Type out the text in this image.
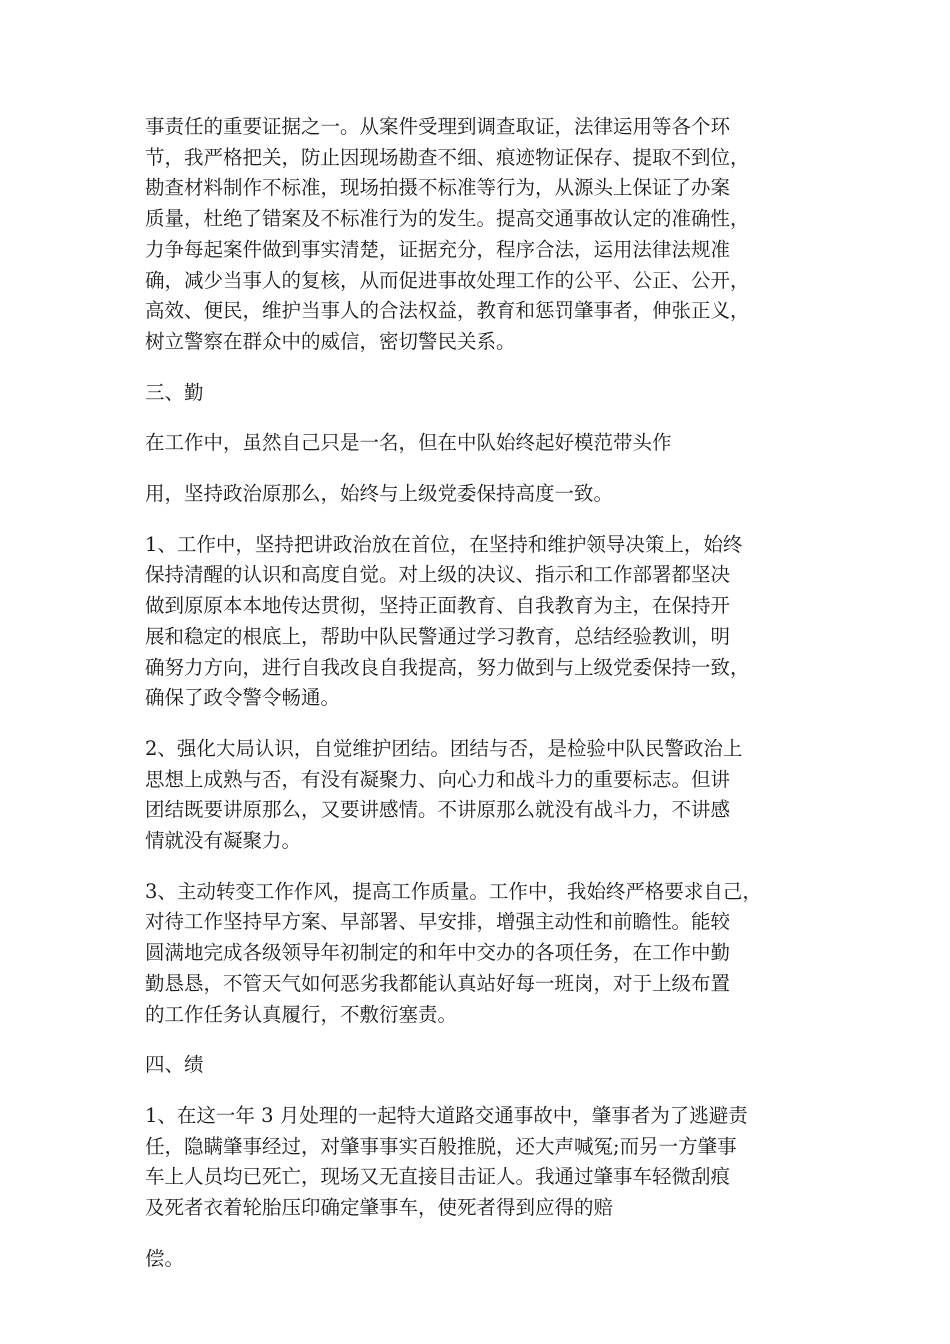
事责任的重要证据之一。从案件受理到调查取证，法律运用等各个环
节，我严格把关，防止因现场勘查不细、痕迹物证保存、提取不到位，
勘查材料制作不标准，现场拍摄不标准等行为，从源头上保证了办案
质量，杜绝了错案及不标准行为的发生。提高交通事故认定的准确性，
力争每起案件做到事实清楚，证据充分，程序合法，运用法律法规准
确，减少当事人的复核，从而促进事故处理工作的公平、公正、公开，
高效、便民，维护当事人的合法权益，教育和惩罚肇事者，伸张正义，
树立警察在群众中的威信，密切警民关系。

三、勤

在工作中，虽然自己只是一名，但在中队始终起好模范带头作

用，坚持政治原那么，始终与上级党委保持高度一致。

1、工作中，坚持把讲政治放在首位，在坚持和维护领导决策上，始终
保持清醒的认识和高度自觉。对上级的决议、指示和工作部署都坚决
做到原原本本地传达贯彻，坚持正面教育、自我教育为主，在保持开
展和稳定的根底上，帮助中队民警通过学习教育，总结经验教训，明
确努力方向，进行自我改良自我提高，努力做到与上级党委保持一致，
确保了政令警令畅通。

2、强化大局认识，自觉维护团结。团结与否，是检验中队民警政治上
思想上成熟与否，有没有凝聚力、向心力和战斗力的重要标志。但讲
团结既要讲原那么，又要讲感情。不讲原那么就没有战斗力，不讲感
情就没有凝聚力。

3、主动转变工作作风，提高工作质量。工作中，我始终严格要求自己，
对待工作坚持早方案、早部署、早安排，增强主动性和前瞻性。能较
圆满地完成各级领导年初制定的和年中交办的各项任务，在工作中勤
勤恳恳，不管天气如何恶劣我都能认真站好每一班岗，对于上级布置
的工作任务认真履行，不敷衍塞责。

四、绩

1、在这一年 3 月处理的一起特大道路交通事故中，肇事者为了逃避责
任，隐瞒肇事经过，对肇事事实百般推脱，还大声喊冤;而另一方肇事
车上人员均已死亡，现场又无直接目击证人。我通过肇事车轻微刮痕
及死者衣着轮胎压印确定肇事车，使死者得到应得的赔

偿。
